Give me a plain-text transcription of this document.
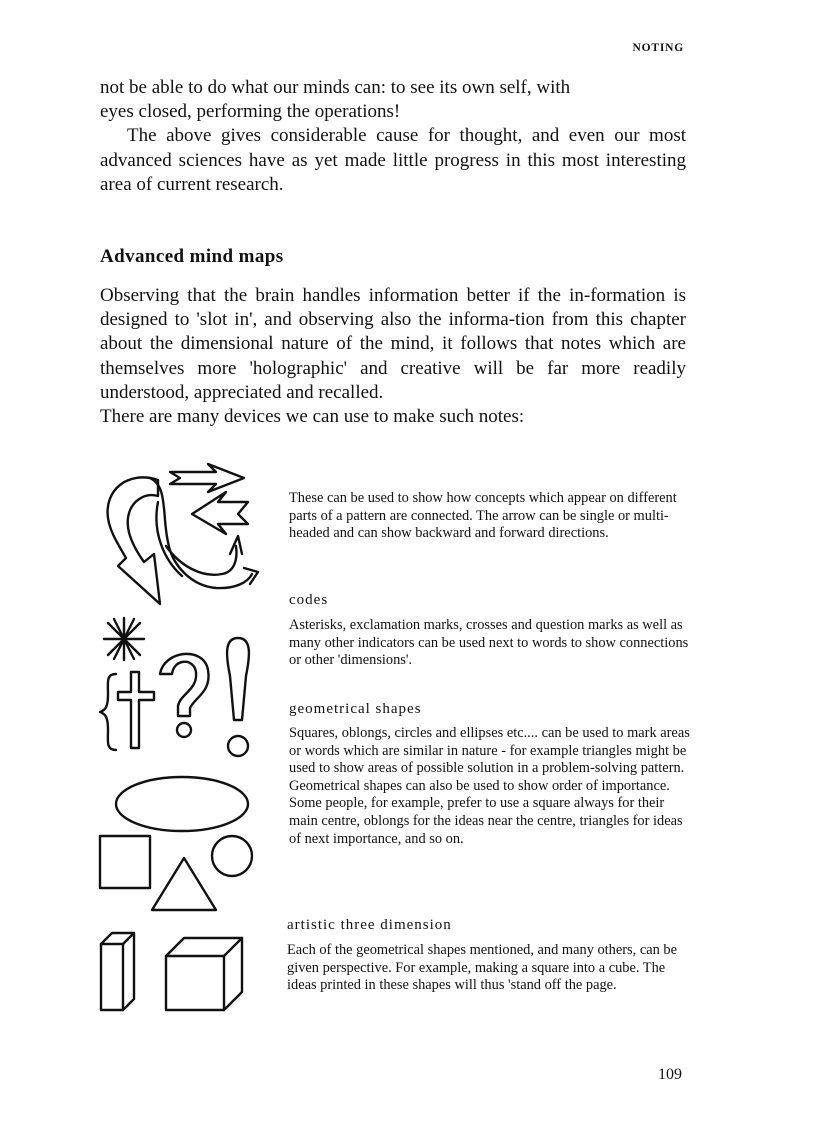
NOTING

not be able to do what our minds can: to see its own self, with

eyes closed, performing the operations!

The above gives considerable cause for thought, and even our most advanced sciences have as yet made little progress in this most interesting area of current research.

Advanced mind maps

Observing that the brain handles information better if the in-formation is designed to 'slot in', and observing also the informa-tion from this chapter about the dimensional nature of the mind, it follows that notes which are themselves more 'holographic' and creative will be far more readily understood, appreciated and recalled.

There are many devices we can use to make such notes:

These can be used to show how concepts which appear on different parts of a pattern are connected. The arrow can be single or multi-headed and can show backward and forward directions.
codes
Asterisks, exclamation marks, crosses and question marks as well as many other indicators can be used next to words to show connections or other 'dimensions'.
geometrical shapes
Squares, oblongs, circles and ellipses etc.... can be used to mark areas or words which are similar in nature - for example triangles might be used to show areas of possible solution in a problem-solving pattern. Geometrical shapes can also be used to show order of importance. Some people, for example, prefer to use a square always for their main centre, oblongs for the ideas near the centre, triangles for ideas of next importance, and so on.
artistic three dimension
Each of the geometrical shapes mentioned, and many others, can be given perspective. For example, making a square into a cube. The ideas printed in these shapes will thus 'stand off the page.
109
